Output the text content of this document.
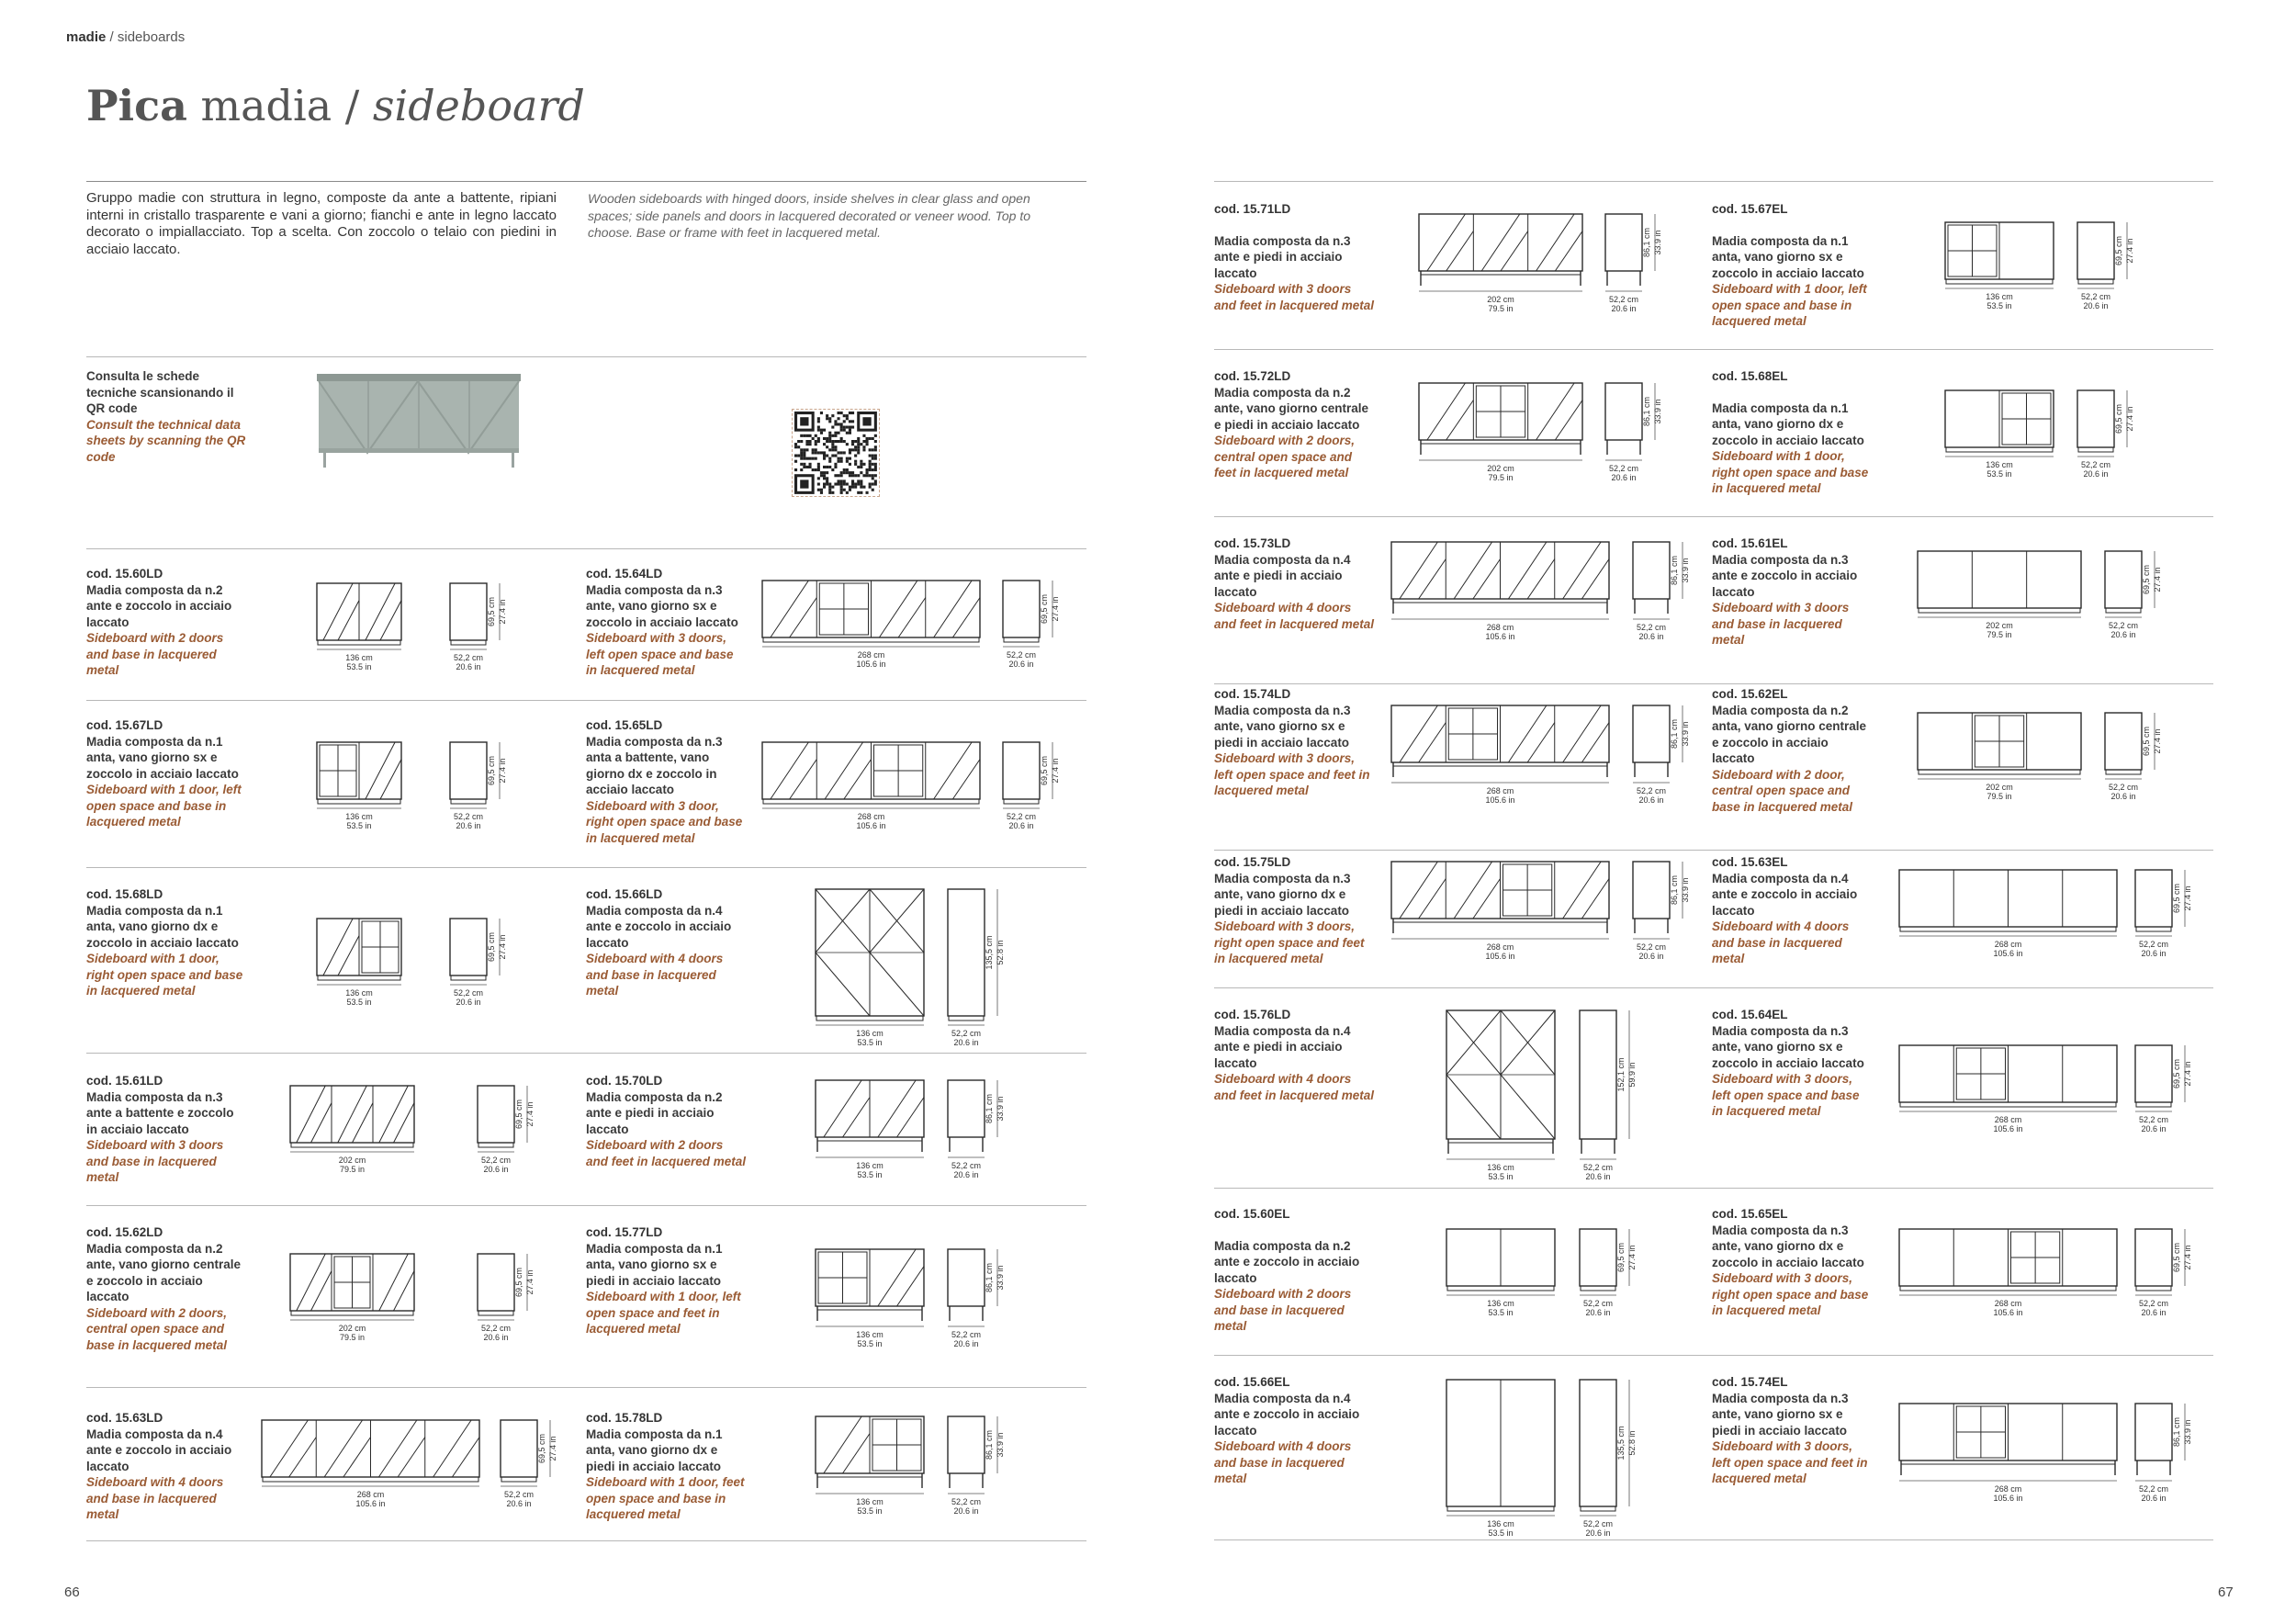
madie / sideboards
Pica madia / sideboard
Gruppo madie con struttura in legno, composte da ante a battente, ripiani interni in cristallo trasparente e vani a giorno; fianchi e ante in legno laccato decorato o impiallacciato. Top a scelta. Con zoccolo o telaio con piedini in acciaio laccato.
Wooden sideboards with hinged doors, inside shelves in clear glass and open spaces; side panels and doors in lacquered decorated or veneer wood. Top to choose. Base or frame with feet in lacquered metal.
Consulta le schede tecniche scansionando il QR code
Consult the technical data sheets by scanning the QR code
cod. 15.60LD
Madia composta da n.2 ante e zoccolo in acciaio laccato
Sideboard with 2 doors and base in lacquered metal
cod. 15.64LD
Madia composta da n.3 ante, vano giorno sx e zoccolo in acciaio laccato
Sideboard with 3 doors, left open space and base in lacquered metal
cod. 15.67LD
Madia composta da n.1 anta, vano giorno sx e zoccolo in acciaio laccato
Sideboard with 1 door, left open space and base in lacquered metal
cod. 15.65LD
Madia composta da n.3 anta a battente, vano giorno dx e zoccolo in acciaio laccato
Sideboard with 3 door, right open space and base in lacquered metal
cod. 15.68LD
Madia composta da n.1 anta, vano giorno dx e zoccolo in acciaio laccato
Sideboard with 1 door, right open space and base in lacquered metal
cod. 15.66LD
Madia composta da n.4 ante e zoccolo in acciaio laccato
Sideboard with 4 doors and base in lacquered metal
cod. 15.61LD
Madia composta da n.3 ante a battente e zoccolo in acciaio laccato
Sideboard with 3 doors and base in lacquered metal
cod. 15.70LD
Madia composta da n.2 ante e piedi in acciaio laccato
Sideboard with 2 doors and feet in lacquered metal
cod. 15.62LD
Madia composta da n.2 ante, vano giorno centrale e zoccolo in acciaio laccato
Sideboard with 2 doors, central open space and base in lacquered metal
cod. 15.77LD
Madia composta da n.1 anta, vano giorno sx e piedi in acciaio laccato
Sideboard with 1 door, left open space and feet in lacquered metal
cod. 15.63LD
Madia composta da n.4 ante e zoccolo in acciaio laccato
Sideboard with 4 doors and base in lacquered metal
cod. 15.78LD
Madia composta da n.1 anta, vano giorno dx e piedi in acciaio laccato
Sideboard with 1 door, feet open space and base in lacquered metal
cod. 15.71LD
Madia composta da n.3 ante e piedi in acciaio laccato
Sideboard with 3 doors and feet in lacquered metal
cod. 15.67EL
Madia composta da n.1 anta, vano giorno sx e zoccolo in acciaio laccato
Sideboard with 1 door, left open space and base in lacquered metal
cod. 15.72LD
Madia composta da n.2 ante, vano giorno centrale e piedi in acciaio laccato
Sideboard with 2 doors, central open space and feet in lacquered metal
cod. 15.68EL
Madia composta da n.1 anta, vano giorno dx e zoccolo in acciaio laccato
Sideboard with 1 door, right open space and base in lacquered metal
cod. 15.73LD
Madia composta da n.4 ante e piedi in acciaio laccato
Sideboard with 4 doors and feet in lacquered metal
cod. 15.61EL
Madia composta da n.3 ante e zoccolo in acciaio laccato
Sideboard with 3 doors and base in lacquered metal
cod. 15.74LD
Madia composta da n.3 ante, vano giorno sx e piedi in acciaio laccato
Sideboard with 3 doors, left open space and feet in lacquered metal
cod. 15.62EL
Madia composta da n.2 anta, vano giorno centrale e zoccolo in acciaio laccato
Sideboard with 2 door, central open space and base in lacquered metal
cod. 15.75LD
Madia composta da n.3 ante, vano giorno dx e piedi in acciaio laccato
Sideboard with 3 doors, right open space and feet in lacquered metal
cod. 15.63EL
Madia composta da n.4 ante e zoccolo in acciaio laccato
Sideboard with 4 doors and base in lacquered metal
cod. 15.76LD
Madia composta da n.4 ante e piedi in acciaio laccato
Sideboard with 4 doors and feet in lacquered metal
cod. 15.64EL
Madia composta da n.3 ante, vano giorno sx e zoccolo in acciaio laccato
Sideboard with 3 doors, left open space and base in lacquered metal
cod. 15.60EL
Madia composta da n.2 ante e zoccolo in acciaio laccato
Sideboard with 2 doors and base in lacquered metal
cod. 15.65EL
Madia composta da n.3 ante, vano giorno dx e zoccolo in acciaio laccato
Sideboard with 3 doors, right open space and base in lacquered metal
cod. 15.66EL
Madia composta da n.4 ante e zoccolo in acciaio laccato
Sideboard with 4 doors and base in lacquered metal
cod. 15.74EL
Madia composta da n.3 ante, vano giorno sx e piedi in acciaio laccato
Sideboard with 3 doors, left open space and feet in lacquered metal
66	67
136 cm
53.5 in
52,2 cm
20.6 in
69,5 cm 27.4 in
268 cm
105.6 in
52,2 cm
20.6 in
69,5 cm 27.4 in
136 cm
53.5 in
52,2 cm
20.6 in
69,5 cm 27.4 in
268 cm
105.6 in
52,2 cm
20.6 in
69,5 cm 27.4 in
136 cm
53.5 in
52,2 cm
20.6 in
69,5 cm 27.4 in
136 cm
53.5 in
52,2 cm
20.6 in
135,5 cm 52.8 in
202 cm
79.5 in
52,2 cm
20.6 in
69,5 cm 27.4 in
136 cm
53.5 in
52,2 cm
20.6 in
86,1 cm 33.9 in
202 cm
79.5 in
52,2 cm
20.6 in
69,5 cm 27.4 in
136 cm
53.5 in
52,2 cm
20.6 in
86,1 cm 33.9 in
268 cm
105.6 in
52,2 cm
20.6 in
69,5 cm 27.4 in
136 cm
53.5 in
52,2 cm
20.6 in
86,1 cm 33.9 in
202 cm
79.5 in
52,2 cm
20.6 in
86,1 cm 33.9 in
202 cm
79.5 in
52,2 cm
20.6 in
86,1 cm 33.9 in
268 cm
105.6 in
52,2 cm
20.6 in
86,1 cm 33.9 in
268 cm
105.6 in
52,2 cm
20.6 in
86,1 cm 33.9 in
268 cm
105.6 in
52,2 cm
20.6 in
86,1 cm 33.9 in
136 cm
53.5 in
52,2 cm
20.6 in
152,1 cm 59.9 in
136 cm
53.5 in
52,2 cm
20.6 in
69,5 cm 27.4 in
136 cm
53.5 in
52,2 cm
20.6 in
135,5 cm 52.8 in
136 cm
53.5 in
52,2 cm
20.6 in
69,5 cm 27.4 in
136 cm
53.5 in
52,2 cm
20.6 in
69,5 cm 27.4 in
202 cm
79.5 in
52,2 cm
20.6 in
69,5 cm 27.4 in
202 cm
79.5 in
52,2 cm
20.6 in
69,5 cm 27.4 in
268 cm
105.6 in
52,2 cm
20.6 in
69,5 cm 27.4 in
268 cm
105.6 in
52,2 cm
20.6 in
69,5 cm 27.4 in
268 cm
105.6 in
52,2 cm
20.6 in
69,5 cm 27.4 in
268 cm
105.6 in
52,2 cm
20.6 in
86,1 cm 33.9 in
